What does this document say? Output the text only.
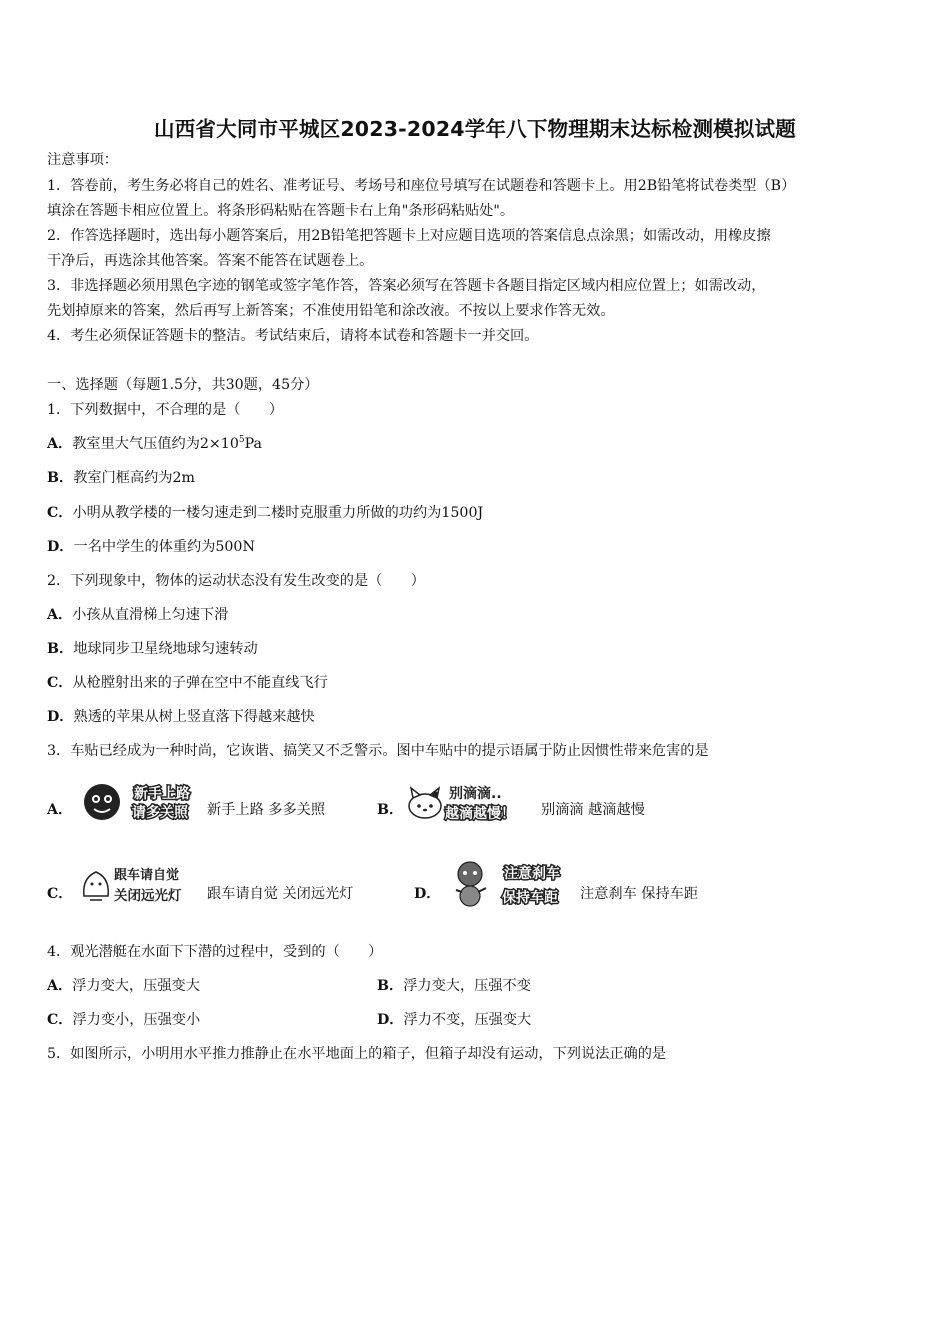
山西省大同市平城区2023-2024学年八下物理期末达标检测模拟试题
注意事项：
1．答卷前，考生务必将自己的姓名、准考证号、考场号和座位号填写在试题卷和答题卡上。用2B铅笔将试卷类型（B）
填涂在答题卡相应位置上。将条形码粘贴在答题卡右上角"条形码粘贴处"。
2．作答选择题时，选出每小题答案后，用2B铅笔把答题卡上对应题目选项的答案信息点涂黑；如需改动，用橡皮擦
干净后，再选涂其他答案。答案不能答在试题卷上。
3．非选择题必须用黑色字迹的钢笔或签字笔作答，答案必须写在答题卡各题目指定区域内相应位置上；如需改动，
先划掉原来的答案，然后再写上新答案；不准使用铅笔和涂改液。不按以上要求作答无效。
4．考生必须保证答题卡的整洁。考试结束后，请将本试卷和答题卡一并交回。
一、选择题（每题1.5分，共30题，45分）
1．下列数据中，不合理的是（　　）
A．教室里大气压值约为$2\times 10^5Pa$
B．教室门框高约为2m
C．小明从教学楼的一楼匀速走到二楼时克服重力所做的功约为1500J
D．一名中学生的体重约为500N
2．下列现象中，物体的运动状态没有发生改变的是（　　）
A．小孩从直滑梯上匀速下滑
B．地球同步卫星绕地球匀速转动
C．从枪膛射出来的子弹在空中不能直线飞行
D．熟透的苹果从树上竖直落下得越来越快
3．车贴已经成为一种时尚，它诙谐、搞笑又不乏警示。图中车贴中的提示语属于防止因惯性带来危害的是
A．
新手上路
请多关照 新手上路 多多关照	B．
别滴滴..
越滴越慢！ 别滴滴 越滴越慢
C．
跟车请自觉
关闭远光灯 跟车请自觉 关闭远光灯	D．
注意刹车
保持车距 注意刹车 保持车距
4．观光潜艇在水面下下潜的过程中，受到的（　　）
A．浮力变大，压强变大	B．浮力变大，压强不变
C．浮力变小，压强变小	D．浮力不变，压强变大
5．如图所示，小明用水平推力推静止在水平地面上的箱子，但箱子却没有运动，下列说法正确的是
